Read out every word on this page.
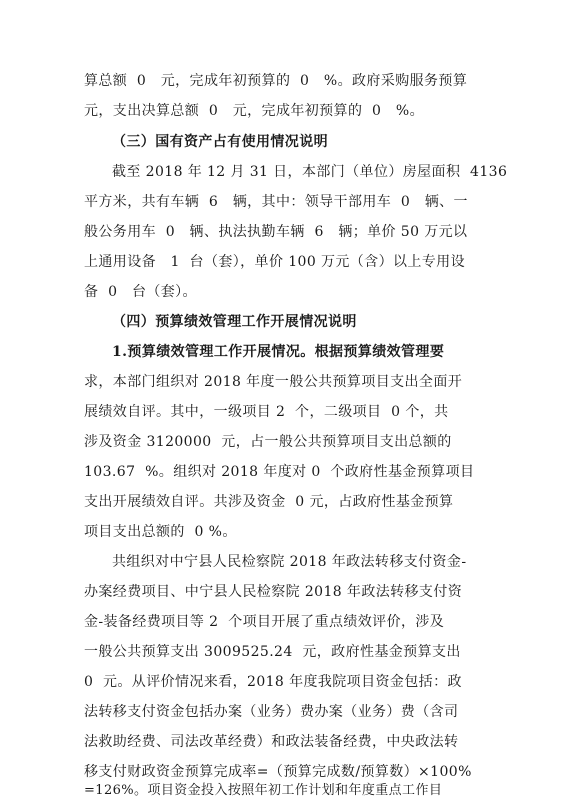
算总额  0   元，完成年初预算的  0   %。政府采购服务预算
元，支出决算总额  0   元，完成年初预算的  0   %。
（三）国有资产占有使用情况说明
截至 2018 年 12 月 31 日，本部门（单位）房屋面积  4136
平方米，共有车辆  6   辆，其中：领导干部用车  0   辆、一
般公务用车  0   辆、执法执勤车辆  6   辆；单价 50 万元以
上通用设备   1  台（套），单价 100 万元（含）以上专用设
备  0   台（套）。
（四）预算绩效管理工作开展情况说明
1.预算绩效管理工作开展情况。根据预算绩效管理要
求，本部门组织对 2018 年度一般公共预算项目支出全面开
展绩效自评。其中，一级项目 2  个，二级项目  0 个，共
涉及资金 3120000  元，占一般公共预算项目支出总额的
103.67  %。组织对 2018 年度对 0  个政府性基金预算项目
支出开展绩效自评。共涉及资金  0 元，占政府性基金预算
项目支出总额的  0 %。
共组织对中宁县人民检察院 2018 年政法转移支付资金-
办案经费项目、中宁县人民检察院 2018 年政法转移支付资
金-装备经费项目等 2  个项目开展了重点绩效评价，涉及
一般公共预算支出 3009525.24  元，政府性基金预算支出
0  元。从评价情况来看，2018 年度我院项目资金包括：政
法转移支付资金包括办案（业务）费办案（业务）费（含司
法救助经费、司法改革经费）和政法装备经费，中央政法转
移支付财政资金预算完成率=（预算完成数/预算数）×100%
=126%。项目资金投入按照年初工作计划和年度重点工作目
